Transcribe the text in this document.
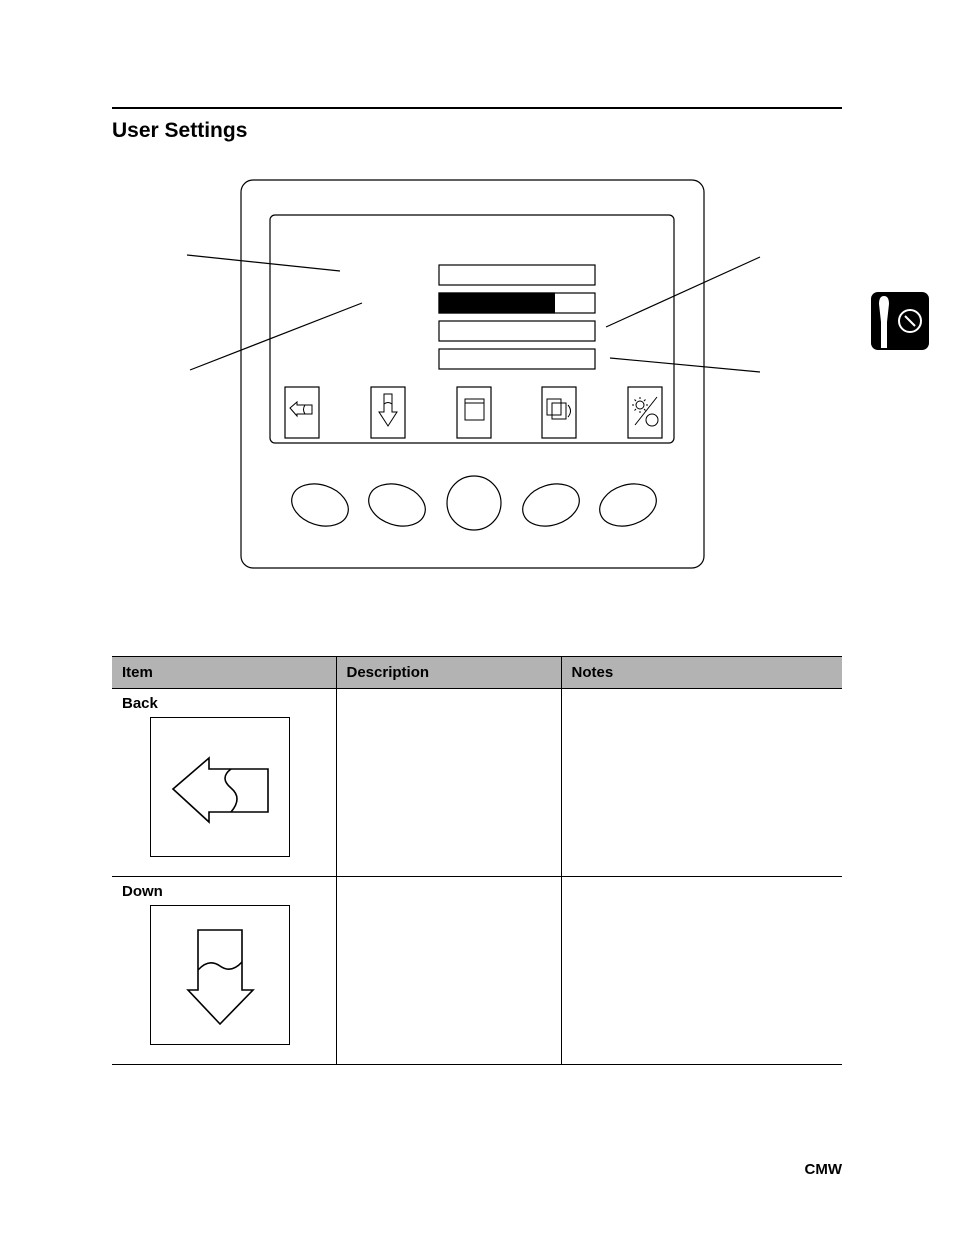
User Settings
Item	Description	Notes

Back		

Down		

CMW
